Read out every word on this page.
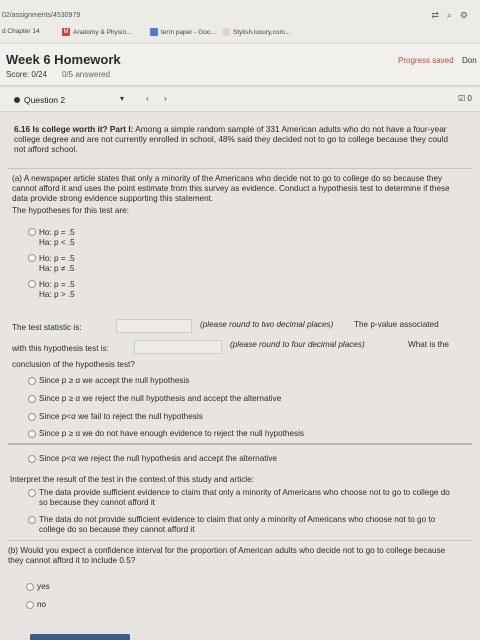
02/assignments/4530979	⇄ ⌕ ⚙
d Chapter 14	M Anatomy & Physio...	term paper - Goo...	Stylish,luxury,com...
Week 6 Homework
Score: 0/24 0/5 answered
Progress saved Don
Question 2	▾	‹ ›	☑ 0
6.16 Is college worth it? Part I: Among a simple random sample of 331 American adults who do not have a four-year college degree and are not currently enrolled in school, 48% said they decided not to go to college because they could not afford school.
(a) A newspaper article states that only a minority of the Americans who decide not to go to college do so because they cannot afford it and uses the point estimate from this survey as evidence. Conduct a hypothesis test to determine if these data provide strong evidence supporting this statement.
The hypotheses for this test are:
Ho: p = .5
Ha: p < .5
Ho: p = .5
Ha: p ≠ .5
Ho: p = .5
Ha: p > .5
The test statistic is:	(please round to two decimal places)	The p-value associated
with this hypothesis test is:	(please round to four decimal places)	What is the
conclusion of the hypothesis test?
Since p ≥ α we accept the null hypothesis
Since p ≥ α we reject the null hypothesis and accept the alternative
Since p<α we fail to reject the null hypothesis
Since p ≥ α we do not have enough evidence to reject the null hypothesis
Since p<α we reject the null hypothesis and accept the alternative
Interpret the result of the test in the context of this study and article:
The data provide sufficient evidence to claim that only a minority of Americans who choose not to go to college do so because they cannot afford it
The data do not provide sufficient evidence to claim that only a minority of Americans who choose not to go to college do so because they cannot afford it
(b) Would you expect a confidence interval for the proportion of American adults who decide not to go to college because they cannot afford it to include 0.5?
yes
no
